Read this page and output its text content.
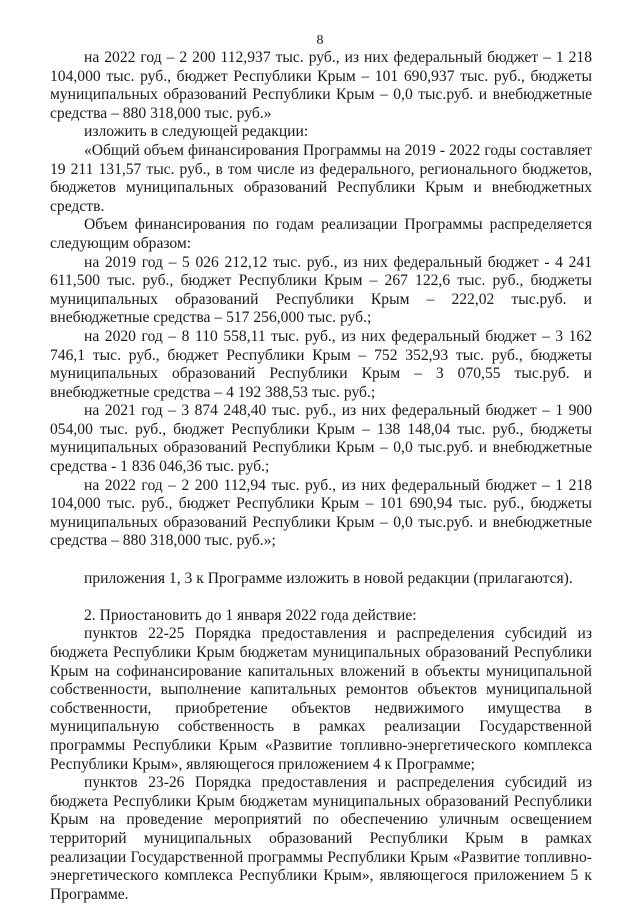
8

на 2022 год – 2 200 112,937 тыс. руб., из них федеральный бюджет – 1 218 104,000 тыс. руб., бюджет Республики Крым – 101 690,937 тыс. руб., бюджеты муниципальных образований Республики Крым – 0,0 тыс.руб. и внебюджетные средства – 880 318,000 тыс. руб.»

изложить в следующей редакции:

«Общий объем финансирования Программы на 2019 - 2022 годы составляет 19 211 131,57 тыс. руб., в том числе из федерального, регионального бюджетов, бюджетов муниципальных образований Республики Крым и внебюджетных средств.

Объем финансирования по годам реализации Программы распределяется следующим образом:

на 2019 год – 5 026 212,12 тыс. руб., из них федеральный бюджет - 4 241 611,500 тыс. руб., бюджет Республики Крым – 267 122,6 тыс. руб., бюджеты муниципальных образований Республики Крым – 222,02 тыс.руб. и внебюджетные средства – 517 256,000 тыс. руб.;

на 2020 год – 8 110 558,11 тыс. руб., из них федеральный бюджет – 3 162 746,1 тыс. руб., бюджет Республики Крым – 752 352,93 тыс. руб., бюджеты муниципальных образований Республики Крым – 3 070,55 тыс.руб. и внебюджетные средства – 4 192 388,53 тыс. руб.;

на 2021 год – 3 874 248,40 тыс. руб., из них федеральный бюджет – 1 900 054,00 тыс. руб., бюджет Республики Крым – 138 148,04 тыс. руб., бюджеты муниципальных образований Республики Крым – 0,0 тыс.руб. и внебюджетные средства - 1 836 046,36 тыс. руб.;

на 2022 год – 2 200 112,94 тыс. руб., из них федеральный бюджет – 1 218 104,000 тыс. руб., бюджет Республики Крым – 101 690,94 тыс. руб., бюджеты муниципальных образований Республики Крым – 0,0 тыс.руб. и внебюджетные средства – 880 318,000 тыс. руб.»;

приложения 1, 3 к Программе изложить в новой редакции (прилагаются).

2. Приостановить до 1 января 2022 года действие:

пунктов 22-25 Порядка предоставления и распределения субсидий из бюджета Республики Крым бюджетам муниципальных образований Республики Крым на софинансирование капитальных вложений в объекты муниципальной собственности, выполнение капитальных ремонтов объектов муниципальной собственности, приобретение объектов недвижимого имущества в муниципальную собственность в рамках реализации Государственной программы Республики Крым «Развитие топливно-энергетического комплекса Республики Крым», являющегося приложением 4 к Программе;

пунктов 23-26 Порядка предоставления и распределения субсидий из бюджета Республики Крым бюджетам муниципальных образований Республики Крым на проведение мероприятий по обеспечению уличным освещением территорий муниципальных образований Республики Крым в рамках реализации Государственной программы Республики Крым «Развитие топливно-энергетического комплекса Республики Крым», являющегося приложением 5 к Программе.
